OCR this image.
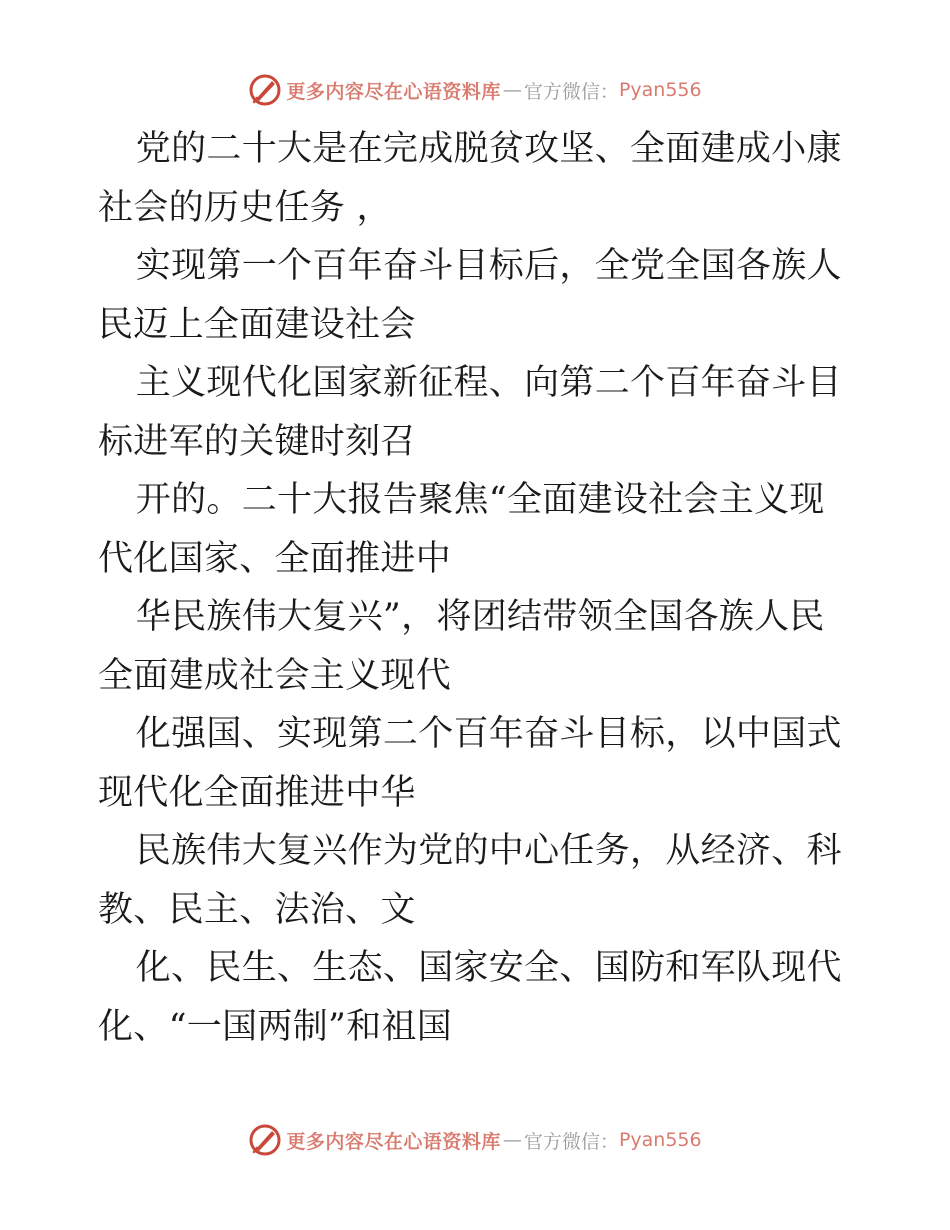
更多内容尽在心语资料库 — 官方微信： Pyan556

党的二十大是在完成脱贫攻坚、全面建成小康社会的历史任务 ，

实现第一个百年奋斗目标后，全党全国各族人民迈上全面建设社会

主义现代化国家新征程、向第二个百年奋斗目标进军的关键时刻召

开的。二十大报告聚焦“全面建设社会主义现代化国家、全面推进中

华民族伟大复兴”，将团结带领全国各族人民全面建成社会主义现代

化强国、实现第二个百年奋斗目标，以中国式现代化全面推进中华

民族伟大复兴作为党的中心任务，从经济、科教、民主、法治、文

化、民生、生态、国家安全、国防和军队现代化、“一国两制”和祖国

更多内容尽在心语资料库 — 官方微信： Pyan556
